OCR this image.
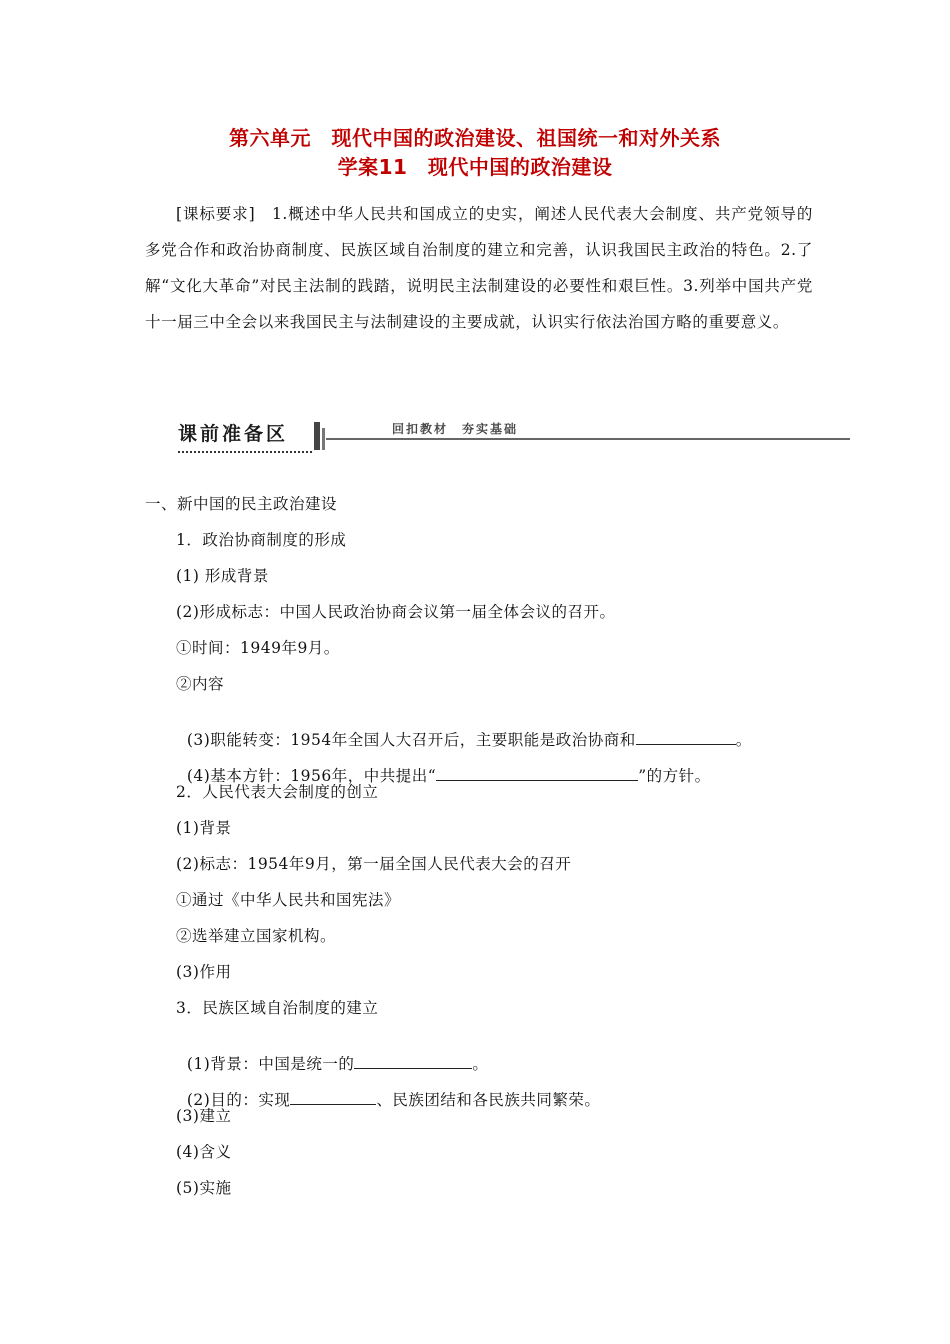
第六单元　现代中国的政治建设、祖国统一和对外关系
学案11　现代中国的政治建设
[课标要求]　1.概述中华人民共和国成立的史实，阐述人民代表大会制度、共产党领导的多党合作和政治协商制度、民族区域自治制度的建立和完善，认识我国民主政治的特色。2.了解“文化大革命”对民主法制的践踏，说明民主法制建设的必要性和艰巨性。3.列举中国共产党十一届三中全会以来我国民主与法制建设的主要成就，认识实行依法治国方略的重要意义。
课前准备区	回扣教材　夯实基础
一、新中国的民主政治建设
1．政治协商制度的形成
(1) 形成背景
(2)形成标志：中国人民政治协商会议第一届全体会议的召开。
①时间：1949年9月。
②内容

(3)职能转变：1954年全国人大召开后，主要职能是政治协商和	。

(4)基本方针：1956年，中共提出“	”的方针。

2．人民代表大会制度的创立
(1)背景
(2)标志：1954年9月，第一届全国人民代表大会的召开
①通过《中华人民共和国宪法》
②选举建立国家机构。
(3)作用
3．民族区域自治制度的建立

(1)背景：中国是统一的	。

(2)目的：实现	、民族团结和各民族共同繁荣。

(3)建立
(4)含义
(5)实施
